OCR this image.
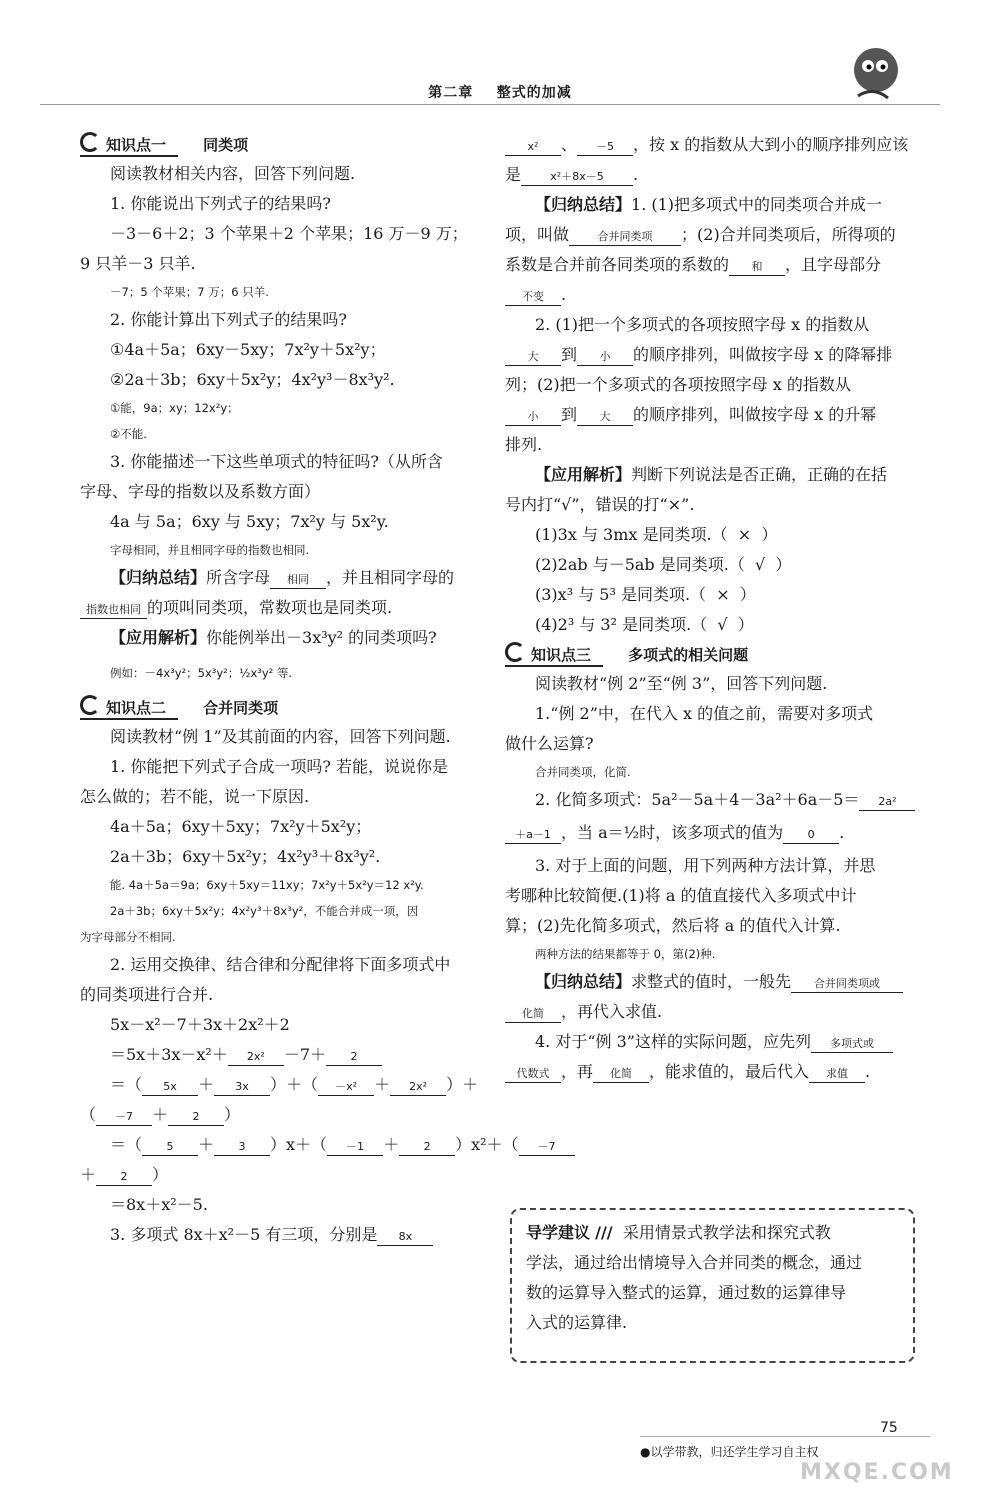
第二章 整式的加减
知识点一 同类项

阅读教材相关内容，回答下列问题.

1. 你能说出下列式子的结果吗?

－3－6＋2；3 个苹果＋2 个苹果；16 万－9 万；

9 只羊－3 只羊.

－7；5 个苹果；7 万；6 只羊.

2. 你能计算出下列式子的结果吗?

①4a＋5a；6xy－5xy；7x²y＋5x²y；

②2a＋3b；6xy＋5x²y；4x²y³－8x³y².

①能，9a；xy；12x²y；

②不能.

3. 你能描述一下这些单项式的特征吗?（从所含

字母、字母的指数以及系数方面）

4a 与 5a；6xy 与 5xy；7x²y 与 5x²y.

字母相同，并且相同字母的指数也相同.

【归纳总结】所含字母 相同 ，并且相同字母的

指数也相同 的项叫同类项，常数项也是同类项.

【应用解析】你能例举出－3x³y² 的同类项吗?

例如：－4x³y²；5x³y²；½x³y² 等.

知识点二 合并同类项

阅读教材“例 1”及其前面的内容，回答下列问题.

1. 你能把下列式子合成一项吗? 若能，说说你是

怎么做的；若不能，说一下原因.

4a＋5a；6xy＋5xy；7x²y＋5x²y；

2a＋3b；6xy＋5x²y；4x²y³＋8x³y².

能. 4a＋5a＝9a；6xy＋5xy＝11xy；7x²y＋5x²y＝12 x²y.

2a＋3b；6xy＋5x²y；4x²y³＋8x³y²，不能合并成一项，因

为字母部分不相同.

2. 运用交换律、结合律和分配律将下面多项式中

的同类项进行合并.

5x－x²－7＋3x＋2x²＋2

＝5x＋3x－x²＋ 2x² －7＋ 2

＝（ 5x ＋ 3x ）＋（ －x² ＋ 2x² ）＋

（ －7 ＋ 2 ）

＝（ 5 ＋ 3 ）x＋（ －1 ＋ 2 ）x²＋（ －7

＋ 2 ）

＝8x＋x²－5.

3. 多项式 8x＋x²－5 有三项，分别是 8x

x² 、 －5 ，按 x 的指数从大到小的顺序排列应该

是	x²＋8x－5 .

【归纳总结】1. (1)把多项式中的同类项合并成一

项，叫做	合并同类项 ；(2)合并同类项后，所得项的

系数是合并前各同类项的系数的 和 ，且字母部分

不变 .

2. (1)把一个多项式的各项按照字母 x 的指数从

大 到 小 的顺序排列，叫做按字母 x 的降幂排

列；(2)把一个多项式的各项按照字母 x 的指数从

小 到 大 的顺序排列，叫做按字母 x 的升幂

排列.

【应用解析】判断下列说法是否正确，正确的在括

号内打“√”，错误的打“×”.

(1)3x 与 3mx 是同类项.（ × ）

(2)2ab 与－5ab 是同类项.（ √ ）

(3)x³ 与 5³ 是同类项.（ × ）

(4)2³ 与 3² 是同类项.（ √ ）

知识点三 多项式的相关问题

阅读教材“例 2”至“例 3”，回答下列问题.

1.“例 2”中，在代入 x 的值之前，需要对多项式

做什么运算?

合并同类项，化简.

2. 化简多项式：5a²－5a＋4－3a²＋6a－5＝ 2a²

＋a－1 ，当 a＝½时，该多项式的值为 0 .

3. 对于上面的问题，用下列两种方法计算，并思

考哪种比较简便.(1)将 a 的值直接代入多项式中计

算；(2)先化简多项式，然后将 a 的值代入计算.

两种方法的结果都等于 0，第(2)种.

【归纳总结】求整式的值时，一般先 合并同类项或

化简 ，再代入求值.

4. 对于“例 3”这样的实际问题，应先列 多项式或

代数式 ，再 化简 ，能求值的，最后代入 求值 .

导学建议 /// 采用情景式教学法和探究式教

学法，通过给出情境导入合并同类的概念，通过

数的运算导入整式的运算，通过数的运算律导

入式的运算律.

●以学带教，归还学生学习自主权
75
MXQE.COM
